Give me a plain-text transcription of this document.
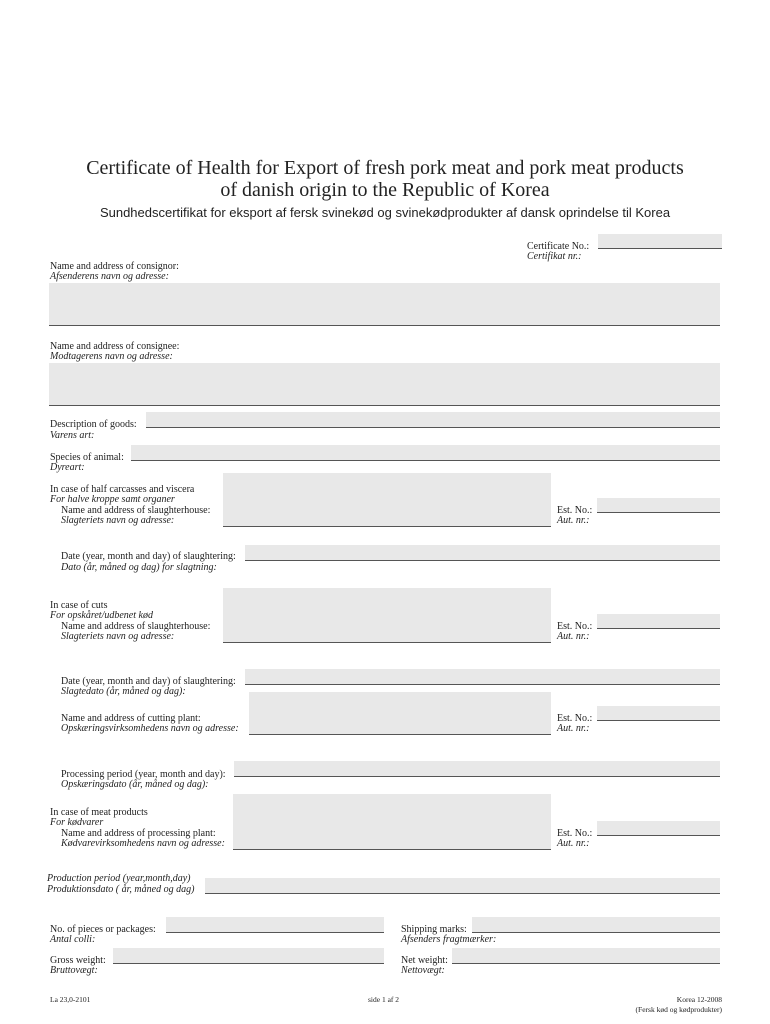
Certificate of Health for Export of fresh pork meat and pork meat products
of danish origin to the Republic of Korea
Sundhedscertifikat for eksport af fersk svinekød og svinekødprodukter af dansk oprindelse til Korea
Certificate No.:
Certifikat nr.:
Name and address of consignor:
Afsenderens navn og adresse:
Name and address of consignee:
Modtagerens navn og adresse:
Description of goods:
Varens art:
Species of animal:
Dyreart:
In case of half carcasses and viscera
For halve kroppe samt organer
Name and address of slaughterhouse:
Slagteriets navn og adresse:
Est. No.:
Aut. nr.:
Date (year, month and day) of slaughtering:
Dato (år, måned og dag) for slagtning:
In case of cuts
For opskåret/udbenet kød
Name and address of slaughterhouse:
Slagteriets navn og adresse:
Est. No.:
Aut. nr.:
Date (year, month and day) of slaughtering:
Slagtedato (år, måned og dag):
Name and address of cutting plant:
Opskæringsvirksomhedens navn og adresse:
Est. No.:
Aut. nr.:
Processing period (year, month and day):
Opskæringsdato (år, måned og dag):
In case of meat products
For kødvarer
Name and address of processing plant:
Kødvarevirksomhedens navn og adresse:
Est. No.:
Aut. nr.:
Production period (year,month,day)
Produktionsdato ( år, måned og dag)
No. of pieces or packages:
Antal colli:
Shipping marks:
Afsenders fragtmærker:
Gross weight:
Bruttovægt:
Net weight:
Nettovægt:
La 23,0-2101	side 1 af 2	Korea 12-2008
(Fersk kød og kødprodukter)
